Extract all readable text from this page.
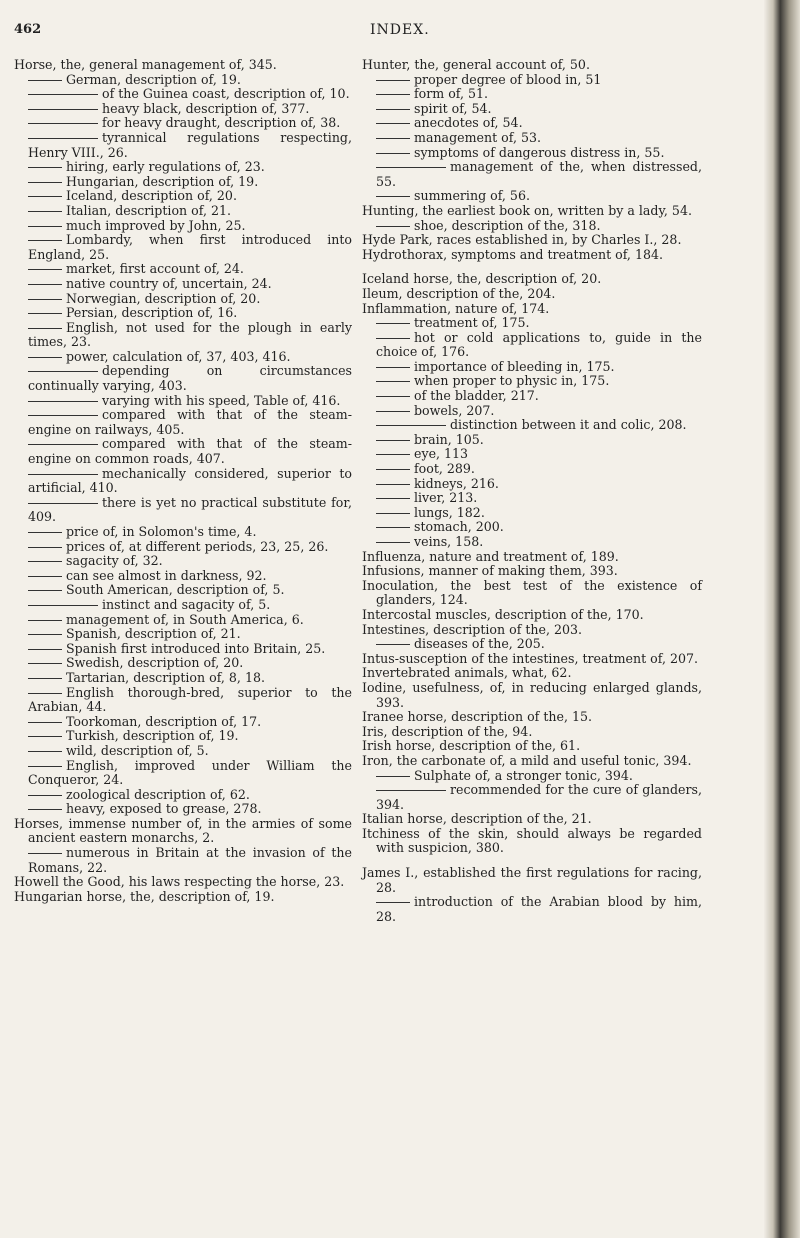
462	INDEX.

Horse, the, general management of, 345.

German, description of, 19.

of the Guinea coast, description of, 10.

heavy black, description of, 377.

for heavy draught, description of, 38.

tyrannical regulations respecting, Henry VIII., 26.

hiring, early regulations of, 23.

Hungarian, description of, 19.

Iceland, description of, 20.

Italian, description of, 21.

much improved by John, 25.

Lombardy, when first introduced into England, 25.

market, first account of, 24.

native country of, uncertain, 24.

Norwegian, description of, 20.

Persian, description of, 16.

English, not used for the plough in early times, 23.

power, calculation of, 37, 403, 416.

depending on circumstances continually varying, 403.

varying with his speed, Table of, 416.

compared with that of the steam-engine on railways, 405.

compared with that of the steam-engine on common roads, 407.

mechanically considered, superior to artificial, 410.

there is yet no practical substitute for, 409.

price of, in Solomon's time, 4.

prices of, at different periods, 23, 25, 26.

sagacity of, 32.

can see almost in darkness, 92.

South American, description of, 5.

instinct and sagacity of, 5.

management of, in South America, 6.

Spanish, description of, 21.

Spanish first introduced into Britain, 25.

Swedish, description of, 20.

Tartarian, description of, 8, 18.

English thorough-bred, superior to the Arabian, 44.

Toorkoman, description of, 17.

Turkish, description of, 19.

wild, description of, 5.

English, improved under William the Conqueror, 24.

zoological description of, 62.

heavy, exposed to grease, 278.

Horses, immense number of, in the armies of some ancient eastern monarchs, 2.

numerous in Britain at the invasion of the Romans, 22.

Howell the Good, his laws respecting the horse, 23.

Hungarian horse, the, description of, 19.

Hunter, the, general account of, 50.

proper degree of blood in, 51

form of, 51.

spirit of, 54.

anecdotes of, 54.

management of, 53.

symptoms of dangerous distress in, 55.

management of the, when distressed, 55.

summering of, 56.

Hunting, the earliest book on, written by a lady, 54.

shoe, description of the, 318.

Hyde Park, races established in, by Charles I., 28.

Hydrothorax, symptoms and treatment of, 184.

Iceland horse, the, description of, 20.

Ileum, description of the, 204.

Inflammation, nature of, 174.

treatment of, 175.

hot or cold applications to, guide in the choice of, 176.

importance of bleeding in, 175.

when proper to physic in, 175.

of the bladder, 217.

bowels, 207.

distinction between it and colic, 208.

brain, 105.

eye, 113

foot, 289.

kidneys, 216.

liver, 213.

lungs, 182.

stomach, 200.

veins, 158.

Influenza, nature and treatment of, 189.

Infusions, manner of making them, 393.

Inoculation, the best test of the existence of glanders, 124.

Intercostal muscles, description of the, 170.

Intestines, description of the, 203.

diseases of the, 205.

Intus-susception of the intestines, treatment of, 207.

Invertebrated animals, what, 62.

Iodine, usefulness, of, in reducing enlarged glands, 393.

Iranee horse, description of the, 15.

Iris, description of the, 94.

Irish horse, description of the, 61.

Iron, the carbonate of, a mild and useful tonic, 394.

Sulphate of, a stronger tonic, 394.

recommended for the cure of glanders, 394.

Italian horse, description of the, 21.

Itchiness of the skin, should always be regarded with suspicion, 380.

James I., established the first regulations for racing, 28.

introduction of the Arabian blood by him, 28.
